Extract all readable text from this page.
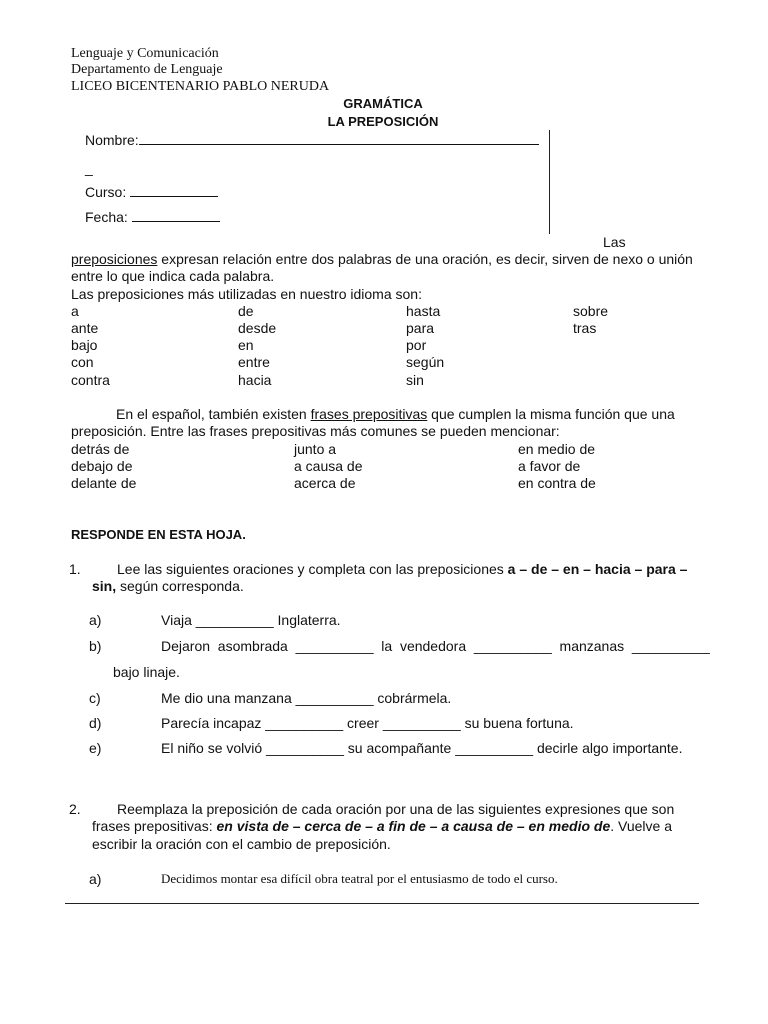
Lenguaje y Comunicación
Departamento de Lenguaje
LICEO BICENTENARIO PABLO NERUDA
GRAMÁTICA
LA PREPOSICIÓN
Nombre:
_
Curso:
Fecha:
Las
preposiciones expresan relación entre dos palabras de una oración, es decir, sirven de nexo o unión
entre lo que indica cada palabra.
Las preposiciones más utilizadas en nuestro idioma son:
a	de	hasta	sobre
ante	desde	para	tras
bajo	en	por
con	entre	según
contra	hacia	sin
En el español, también existen frases prepositivas que cumplen la misma función que una
preposición. Entre las frases prepositivas más comunes se pueden mencionar:
detrás de	junto a	en medio de
debajo de	a causa de	a favor de
delante de	acerca de	en contra de
RESPONDE EN ESTA HOJA.
1.	Lee las siguientes oraciones y completa con las preposiciones a – de – en – hacia – para –
sin, según corresponda.
a)	Viaja __________ Inglaterra.
b)	Dejaron  asombrada  __________  la  vendedora  __________  manzanas  __________
bajo linaje.
c)	Me dio una manzana __________ cobrármela.
d)	Parecía incapaz __________ creer __________ su buena fortuna.
e)	El niño se volvió __________ su acompañante __________ decirle algo importante.
2.	Reemplaza la preposición de cada oración por una de las siguientes expresiones que son
frases prepositivas: en vista de – cerca de – a fin de – a causa de – en medio de. Vuelve a
escribir la oración con el cambio de preposición.
a)	Decidimos montar esa difícil obra teatral por el entusiasmo de todo el curso.
